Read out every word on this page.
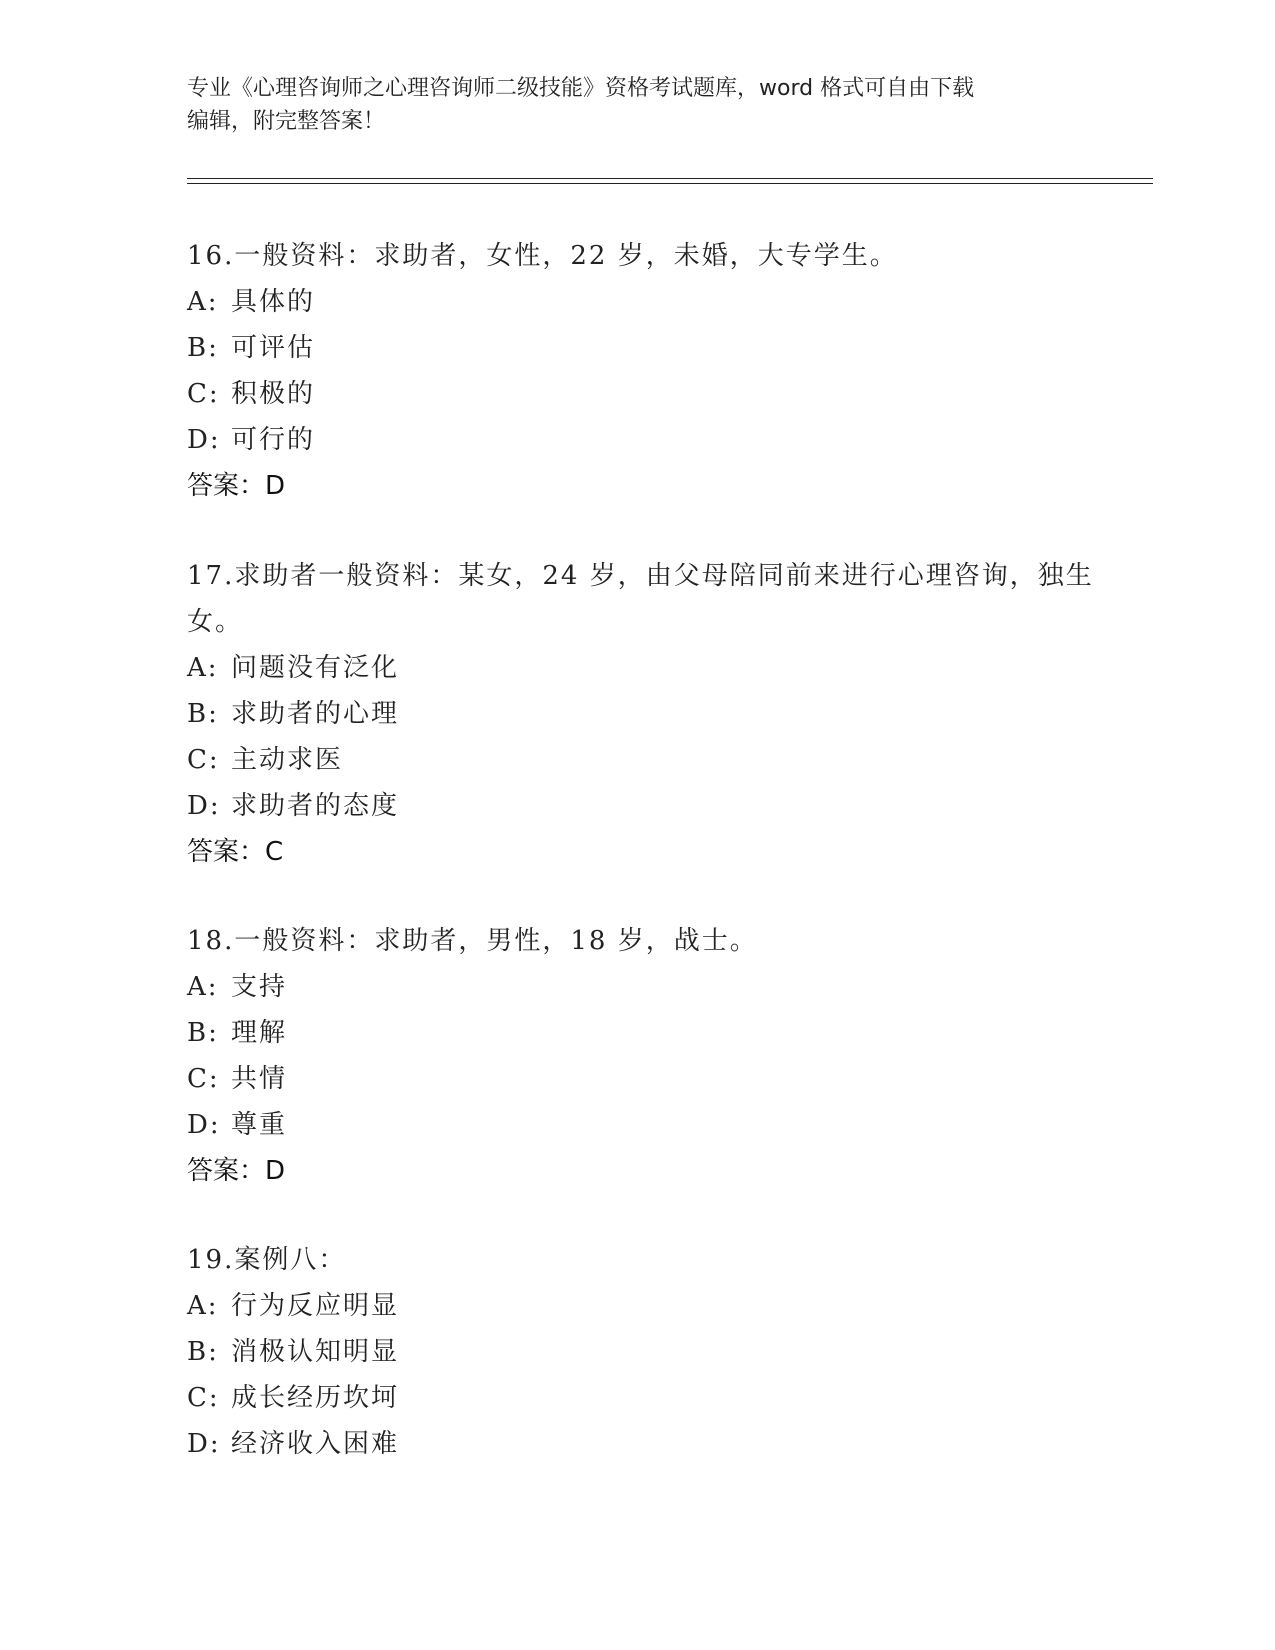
专业《心理咨询师之心理咨询师二级技能》资格考试题库，word 格式可自由下载
编辑，附完整答案！

16.一般资料：求助者，女性，22 岁，未婚，大专学生。

A: 具体的

B: 可评估

C: 积极的

D: 可行的

答案：D

17.求助者一般资料：某女，24 岁，由父母陪同前来进行心理咨询，独生女。

A: 问题没有泛化

B: 求助者的心理

C: 主动求医

D: 求助者的态度

答案：C

18.一般资料：求助者，男性，18 岁，战士。

A: 支持

B: 理解

C: 共情

D: 尊重

答案：D

19.案例八：

A: 行为反应明显

B: 消极认知明显

C: 成长经历坎坷

D: 经济收入困难
